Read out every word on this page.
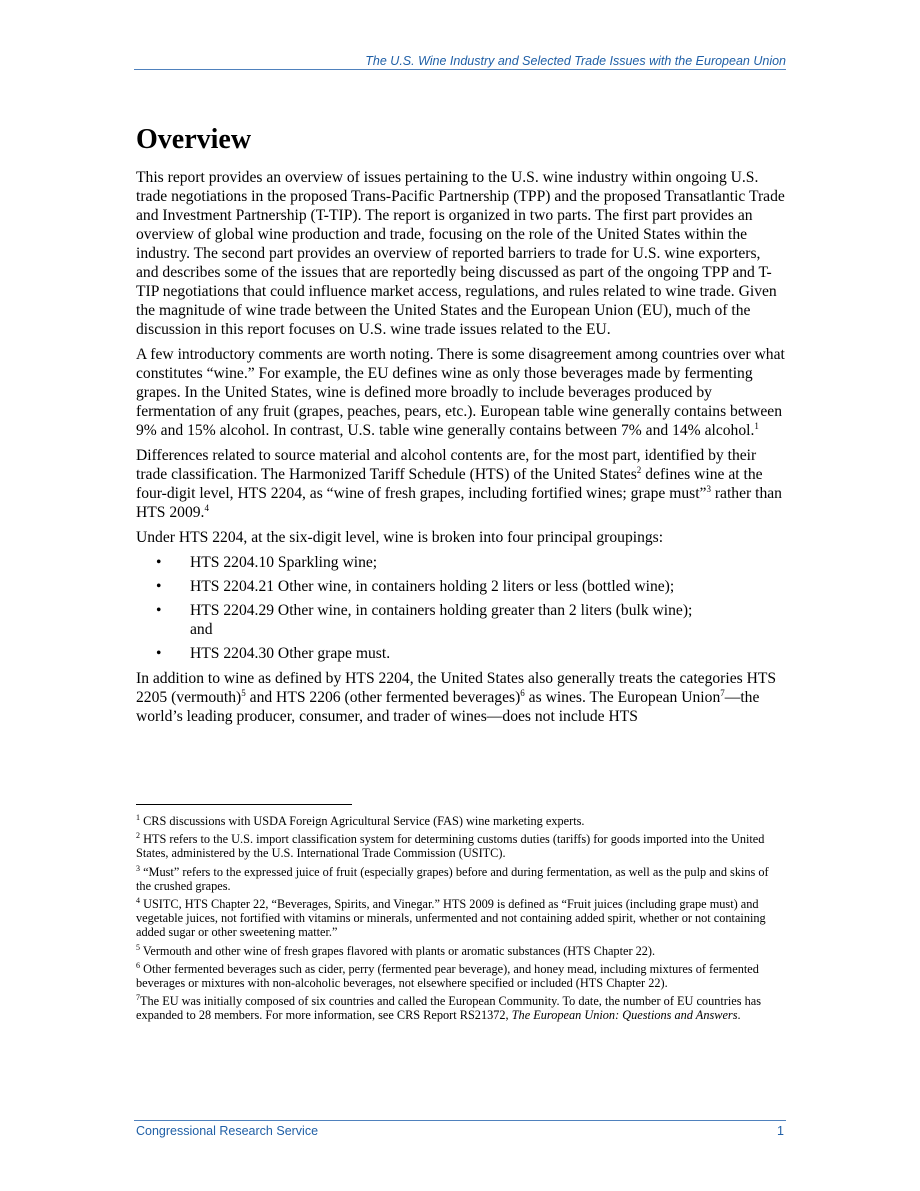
The U.S. Wine Industry and Selected Trade Issues with the European Union
Overview

This report provides an overview of issues pertaining to the U.S. wine industry within ongoing U.S. trade negotiations in the proposed Trans-Pacific Partnership (TPP) and the proposed Transatlantic Trade and Investment Partnership (T-TIP). The report is organized in two parts. The first part provides an overview of global wine production and trade, focusing on the role of the United States within the industry. The second part provides an overview of reported barriers to trade for U.S. wine exporters, and describes some of the issues that are reportedly being discussed as part of the ongoing TPP and T-TIP negotiations that could influence market access, regulations, and rules related to wine trade. Given the magnitude of wine trade between the United States and the European Union (EU), much of the discussion in this report focuses on U.S. wine trade issues related to the EU.

A few introductory comments are worth noting. There is some disagreement among countries over what constitutes “wine.” For example, the EU defines wine as only those beverages made by fermenting grapes. In the United States, wine is defined more broadly to include beverages produced by fermentation of any fruit (grapes, peaches, pears, etc.). European table wine generally contains between 9% and 15% alcohol. In contrast, U.S. table wine generally contains between 7% and 14% alcohol.$^1$

Differences related to source material and alcohol contents are, for the most part, identified by their trade classification. The Harmonized Tariff Schedule (HTS) of the United States$^2$ defines wine at the four-digit level, HTS 2204, as “wine of fresh grapes, including fortified wines; grape must”$^3$ rather than HTS 2009.$^4$

Under HTS 2204, at the six-digit level, wine is broken into four principal groupings:

• HTS 2204.10 Sparkling wine;
• HTS 2204.21 Other wine, in containers holding 2 liters or less (bottled wine);
• HTS 2204.29 Other wine, in containers holding greater than 2 liters (bulk wine);
and
• HTS 2204.30 Other grape must.

In addition to wine as defined by HTS 2204, the United States also generally treats the categories HTS 2205 (vermouth)$^5$ and HTS 2206 (other fermented beverages)$^6$ as wines. The European Union$^7$—the world’s leading producer, consumer, and trader of wines—does not include HTS

$^1$ CRS discussions with USDA Foreign Agricultural Service (FAS) wine marketing experts.

$^2$ HTS refers to the U.S. import classification system for determining customs duties (tariffs) for goods imported into the United States, administered by the U.S. International Trade Commission (USITC).

$^3$ “Must” refers to the expressed juice of fruit (especially grapes) before and during fermentation, as well as the pulp and skins of the crushed grapes.

$^4$ USITC, HTS Chapter 22, “Beverages, Spirits, and Vinegar.” HTS 2009 is defined as “Fruit juices (including grape must) and vegetable juices, not fortified with vitamins or minerals, unfermented and not containing added spirit, whether or not containing added sugar or other sweetening matter.”

$^5$ Vermouth and other wine of fresh grapes flavored with plants or aromatic substances (HTS Chapter 22).

$^6$ Other fermented beverages such as cider, perry (fermented pear beverage), and honey mead, including mixtures of fermented beverages or mixtures with non-alcoholic beverages, not elsewhere specified or included (HTS Chapter 22).

$^7$The EU was initially composed of six countries and called the European Community. To date, the number of EU countries has expanded to 28 members. For more information, see CRS Report RS21372, The European Union: Questions and Answers.

Congressional Research Service	1
